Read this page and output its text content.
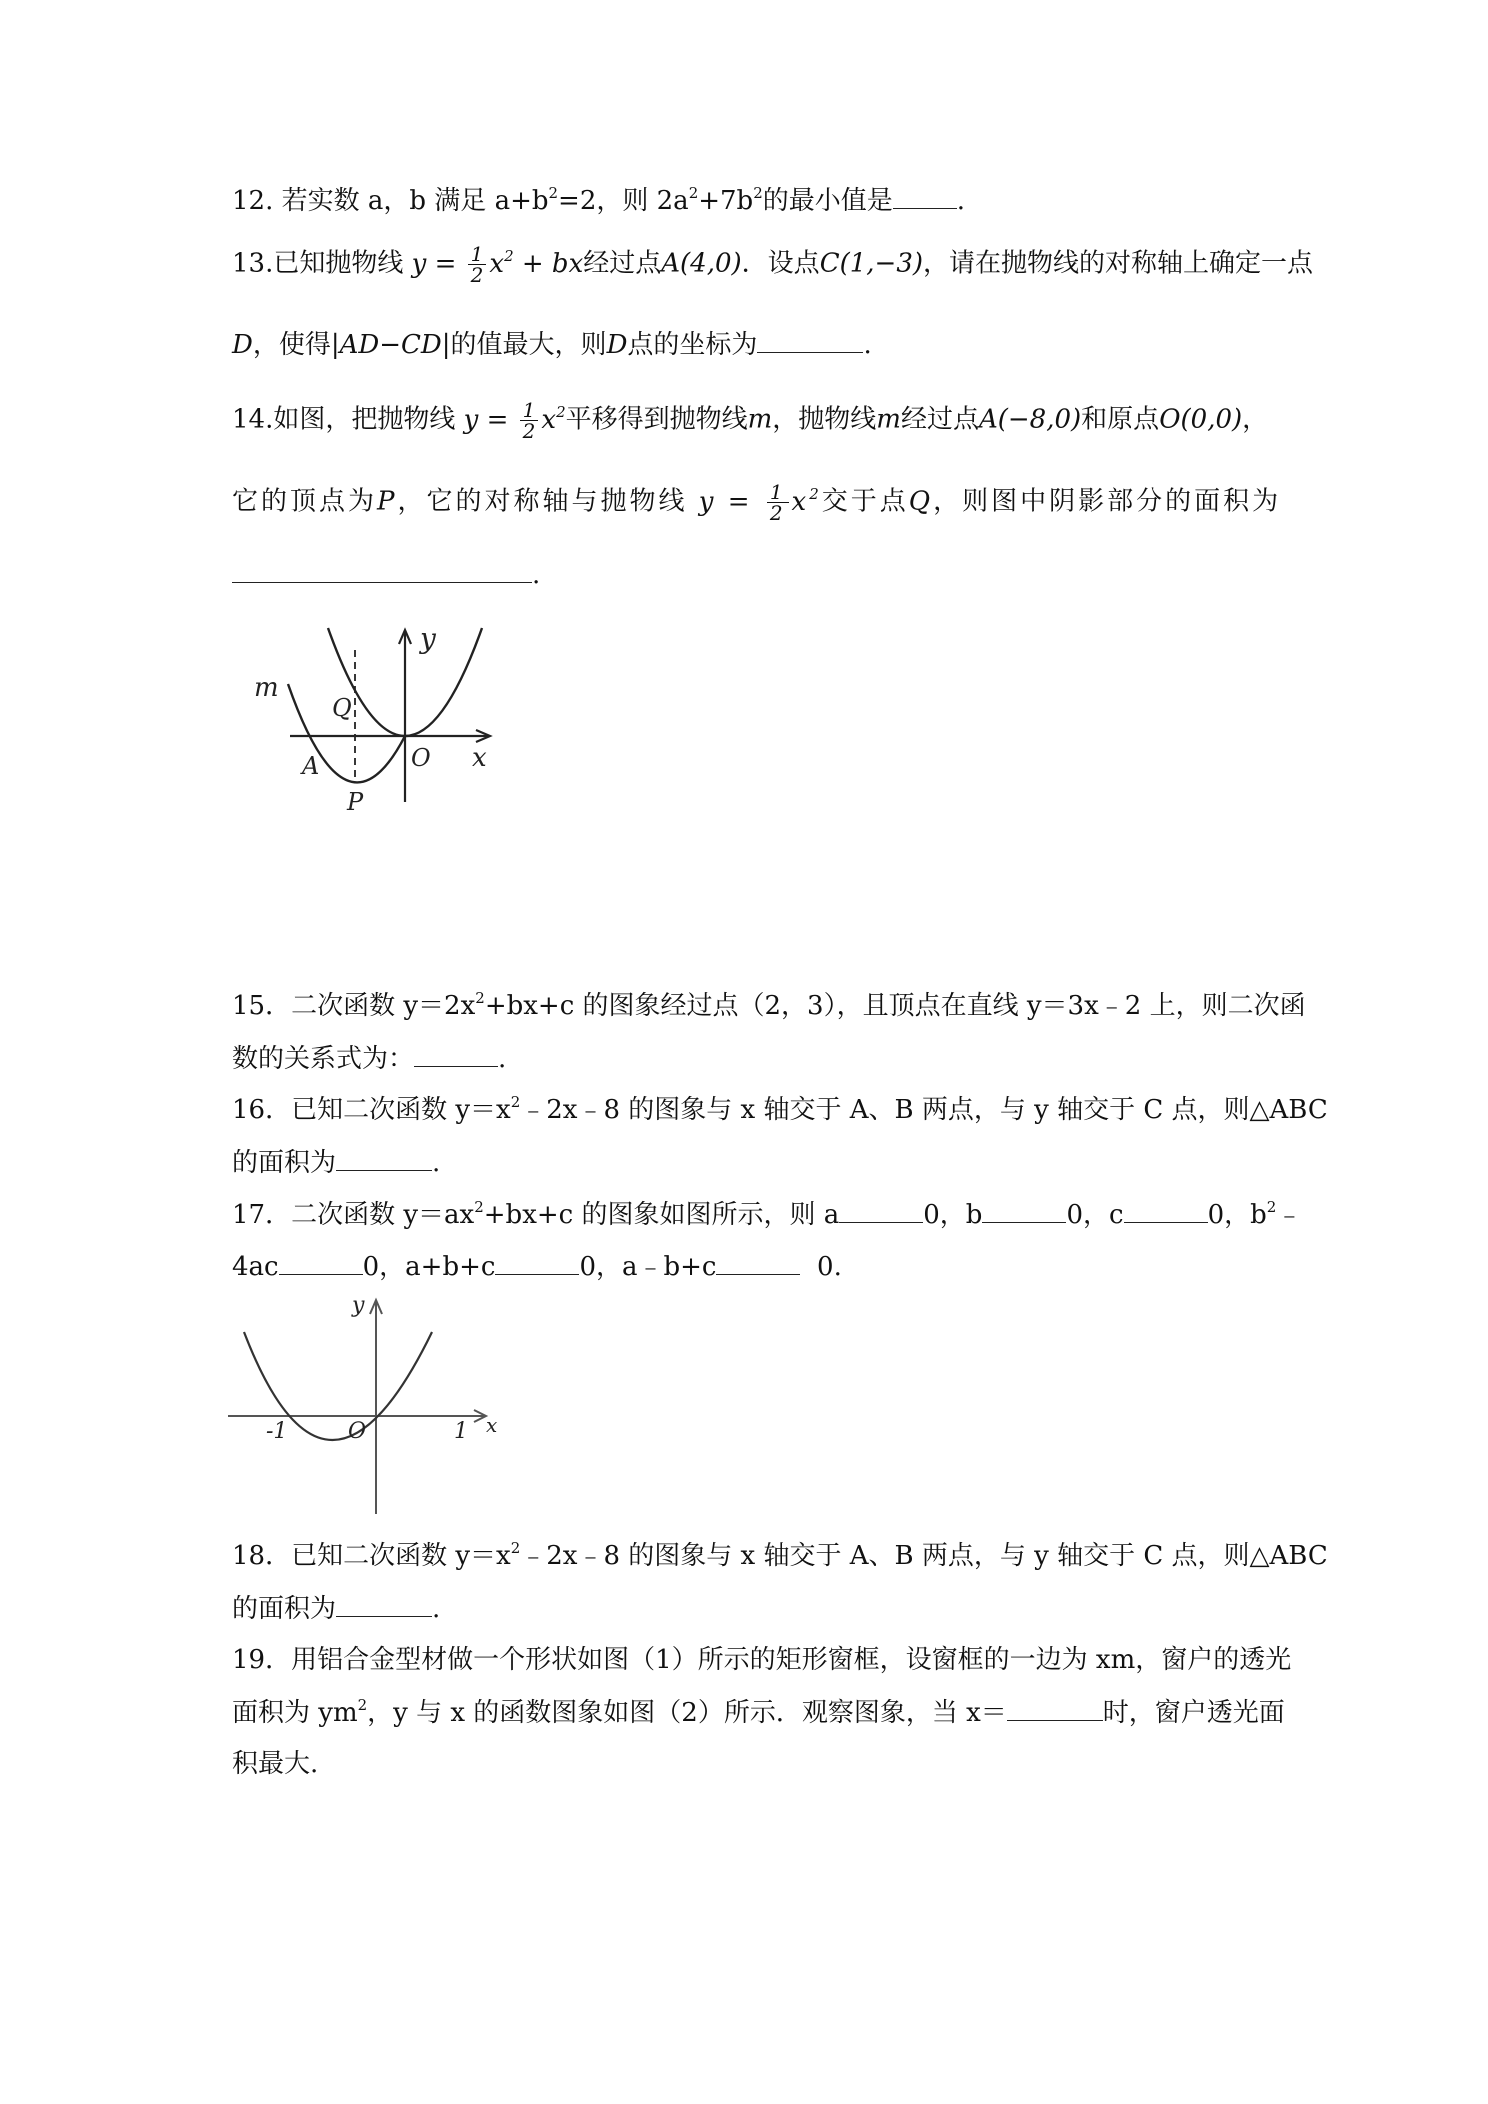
12. 若实数 a，b 满足 $a+b^2=2$，则 $2a^2+7b^2$的最小值是 .
13.已知抛物线 $y = \frac{1}{2} x^2$ + bx经过点A(4,0)．设点C(1,−3)，请在抛物线的对称轴上确定一点
D，使得|AD−CD|的值最大，则D点的坐标为	.
14.如图，把抛物线 $y = \frac{1}{2} x^2$平移得到抛物线m，抛物线m经过点A(−8,0)和原点O(0,0)，
它的顶点为P，它的对称轴与抛物线 $y = \frac{1}{2} x^2$交于点Q，则图中阴影部分的面积为
.
m
y
Q
O x
A
P
15．二次函数 $y=2x^2+bx+c$ 的图象经过点（2，3），且顶点在直线 y＝3x﹣2 上，则二次函
数的关系式为：	.
16．已知二次函数 $y=x^2﹣2x﹣8$ 的图象与 x 轴交于 A、B 两点，与 y 轴交于 C 点，则△ABC
的面积为	.
17．二次函数 $y=ax^2+bx+c$ 的图象如图所示，则 a	0，b	0，c	0，$b^2﹣$
4ac	0，a+b+c	0，a﹣b+c	0.
y
-1	O	1 x
18．已知二次函数 $y=x^2﹣2x﹣8$ 的图象与 x 轴交于 A、B 两点，与 y 轴交于 C 点，则△ABC
的面积为	.
19．用铝合金型材做一个形状如图（1）所示的矩形窗框，设窗框的一边为 xm，窗户的透光
面积为 $ym^2$，y 与 x 的函数图象如图（2）所示．观察图象，当 x＝	时，窗户透光面
积最大.
